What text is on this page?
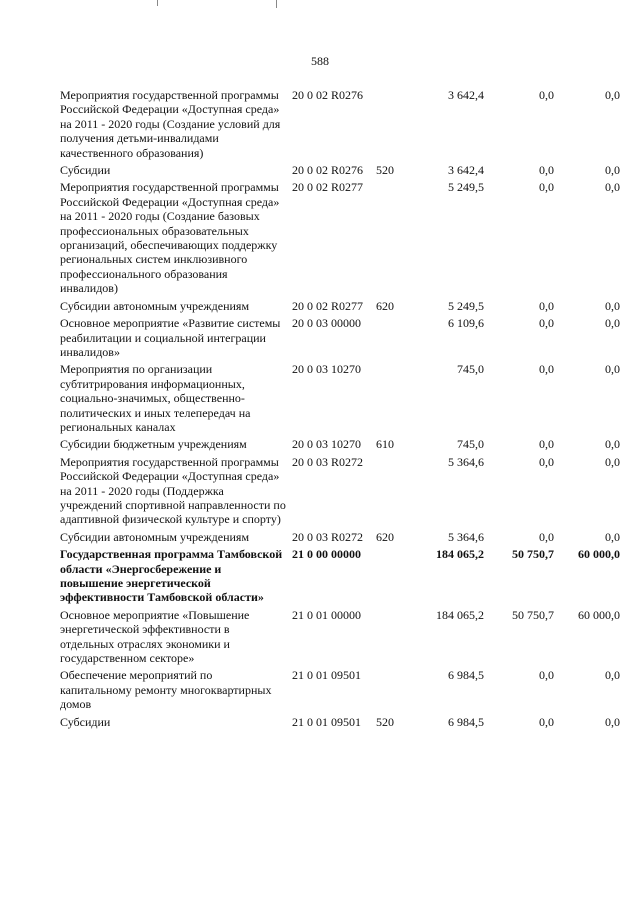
588
Мероприятия государственной программы Российской Федерации «Доступная среда» на 2011 - 2020 годы (Создание условий для получения детьми-инвалидами качественного образования)	20 0 02 R0276		3 642,4	0,0	0,0
Субсидии	20 0 02 R0276	520	3 642,4	0,0	0,0
Мероприятия государственной программы Российской Федерации «Доступная среда» на 2011 - 2020 годы (Создание базовых профессиональных образовательных организаций, обеспечивающих поддержку региональных систем инклюзивного профессионального образования инвалидов)	20 0 02 R0277		5 249,5	0,0	0,0
Субсидии автономным учреждениям	20 0 02 R0277	620	5 249,5	0,0	0,0
Основное мероприятие «Развитие системы реабилитации и социальной интеграции инвалидов»	20 0 03 00000		6 109,6	0,0	0,0
Мероприятия по организации субтитрирования информационных, социально-значимых, общественно-политических и иных телепередач на региональных каналах	20 0 03 10270		745,0	0,0	0,0
Субсидии бюджетным учреждениям	20 0 03 10270	610	745,0	0,0	0,0
Мероприятия государственной программы Российской Федерации «Доступная среда» на 2011 - 2020 годы (Поддержка учреждений спортивной направленности по адаптивной физической культуре и спорту)	20 0 03 R0272		5 364,6	0,0	0,0
Субсидии автономным учреждениям	20 0 03 R0272	620	5 364,6	0,0	0,0
Государственная программа Тамбовской области «Энергосбережение и повышение энергетической эффективности Тамбовской области»	21 0 00 00000		184 065,2	50 750,7	60 000,0
Основное мероприятие «Повышение энергетической эффективности в отдельных отраслях экономики и государственном секторе»	21 0 01 00000		184 065,2	50 750,7	60 000,0
Обеспечение мероприятий по капитальному ремонту многоквартирных домов	21 0 01 09501		6 984,5	0,0	0,0
Субсидии	21 0 01 09501	520	6 984,5	0,0	0,0
